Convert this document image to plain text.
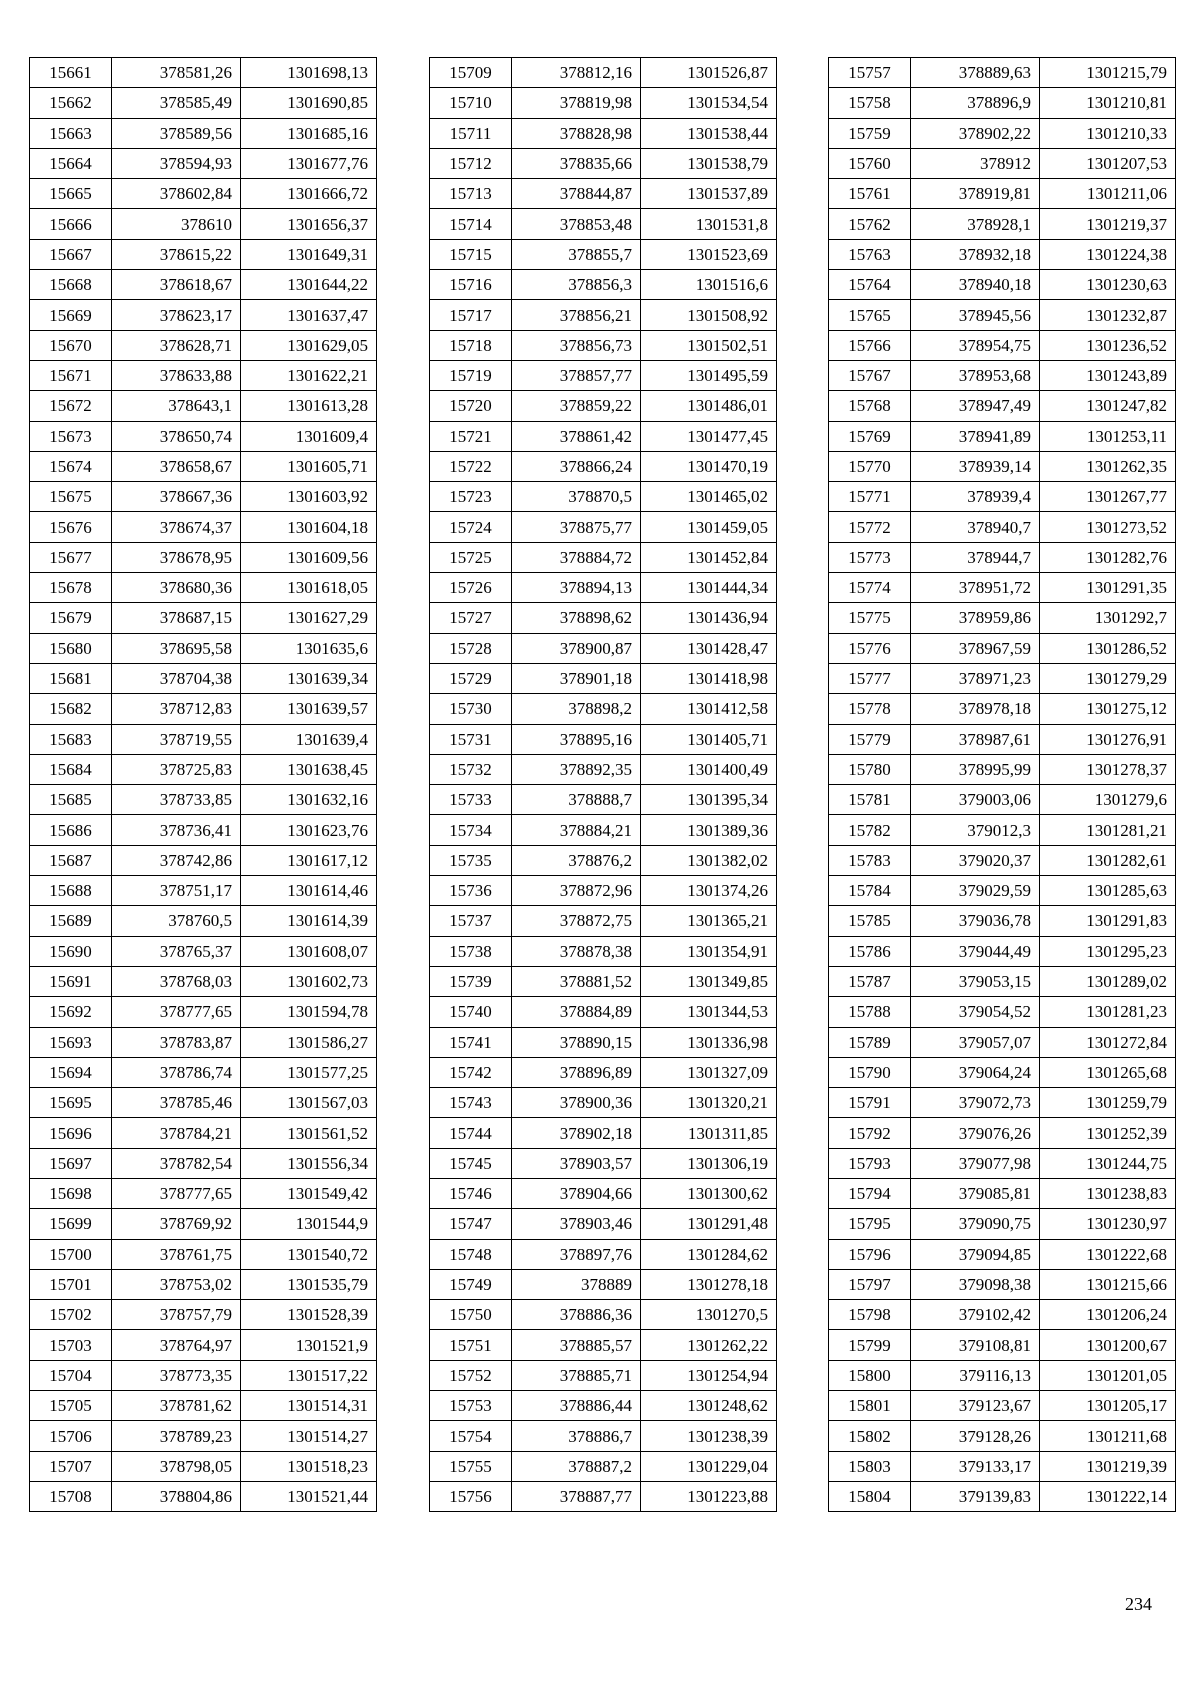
15661	378581,26	1301698,13
15662	378585,49	1301690,85
15663	378589,56	1301685,16
15664	378594,93	1301677,76
15665	378602,84	1301666,72
15666	378610	1301656,37
15667	378615,22	1301649,31
15668	378618,67	1301644,22
15669	378623,17	1301637,47
15670	378628,71	1301629,05
15671	378633,88	1301622,21
15672	378643,1	1301613,28
15673	378650,74	1301609,4
15674	378658,67	1301605,71
15675	378667,36	1301603,92
15676	378674,37	1301604,18
15677	378678,95	1301609,56
15678	378680,36	1301618,05
15679	378687,15	1301627,29
15680	378695,58	1301635,6
15681	378704,38	1301639,34
15682	378712,83	1301639,57
15683	378719,55	1301639,4
15684	378725,83	1301638,45
15685	378733,85	1301632,16
15686	378736,41	1301623,76
15687	378742,86	1301617,12
15688	378751,17	1301614,46
15689	378760,5	1301614,39
15690	378765,37	1301608,07
15691	378768,03	1301602,73
15692	378777,65	1301594,78
15693	378783,87	1301586,27
15694	378786,74	1301577,25
15695	378785,46	1301567,03
15696	378784,21	1301561,52
15697	378782,54	1301556,34
15698	378777,65	1301549,42
15699	378769,92	1301544,9
15700	378761,75	1301540,72
15701	378753,02	1301535,79
15702	378757,79	1301528,39
15703	378764,97	1301521,9
15704	378773,35	1301517,22
15705	378781,62	1301514,31
15706	378789,23	1301514,27
15707	378798,05	1301518,23
15708	378804,86	1301521,44
15709	378812,16	1301526,87
15710	378819,98	1301534,54
15711	378828,98	1301538,44
15712	378835,66	1301538,79
15713	378844,87	1301537,89
15714	378853,48	1301531,8
15715	378855,7	1301523,69
15716	378856,3	1301516,6
15717	378856,21	1301508,92
15718	378856,73	1301502,51
15719	378857,77	1301495,59
15720	378859,22	1301486,01
15721	378861,42	1301477,45
15722	378866,24	1301470,19
15723	378870,5	1301465,02
15724	378875,77	1301459,05
15725	378884,72	1301452,84
15726	378894,13	1301444,34
15727	378898,62	1301436,94
15728	378900,87	1301428,47
15729	378901,18	1301418,98
15730	378898,2	1301412,58
15731	378895,16	1301405,71
15732	378892,35	1301400,49
15733	378888,7	1301395,34
15734	378884,21	1301389,36
15735	378876,2	1301382,02
15736	378872,96	1301374,26
15737	378872,75	1301365,21
15738	378878,38	1301354,91
15739	378881,52	1301349,85
15740	378884,89	1301344,53
15741	378890,15	1301336,98
15742	378896,89	1301327,09
15743	378900,36	1301320,21
15744	378902,18	1301311,85
15745	378903,57	1301306,19
15746	378904,66	1301300,62
15747	378903,46	1301291,48
15748	378897,76	1301284,62
15749	378889	1301278,18
15750	378886,36	1301270,5
15751	378885,57	1301262,22
15752	378885,71	1301254,94
15753	378886,44	1301248,62
15754	378886,7	1301238,39
15755	378887,2	1301229,04
15756	378887,77	1301223,88
15757	378889,63	1301215,79
15758	378896,9	1301210,81
15759	378902,22	1301210,33
15760	378912	1301207,53
15761	378919,81	1301211,06
15762	378928,1	1301219,37
15763	378932,18	1301224,38
15764	378940,18	1301230,63
15765	378945,56	1301232,87
15766	378954,75	1301236,52
15767	378953,68	1301243,89
15768	378947,49	1301247,82
15769	378941,89	1301253,11
15770	378939,14	1301262,35
15771	378939,4	1301267,77
15772	378940,7	1301273,52
15773	378944,7	1301282,76
15774	378951,72	1301291,35
15775	378959,86	1301292,7
15776	378967,59	1301286,52
15777	378971,23	1301279,29
15778	378978,18	1301275,12
15779	378987,61	1301276,91
15780	378995,99	1301278,37
15781	379003,06	1301279,6
15782	379012,3	1301281,21
15783	379020,37	1301282,61
15784	379029,59	1301285,63
15785	379036,78	1301291,83
15786	379044,49	1301295,23
15787	379053,15	1301289,02
15788	379054,52	1301281,23
15789	379057,07	1301272,84
15790	379064,24	1301265,68
15791	379072,73	1301259,79
15792	379076,26	1301252,39
15793	379077,98	1301244,75
15794	379085,81	1301238,83
15795	379090,75	1301230,97
15796	379094,85	1301222,68
15797	379098,38	1301215,66
15798	379102,42	1301206,24
15799	379108,81	1301200,67
15800	379116,13	1301201,05
15801	379123,67	1301205,17
15802	379128,26	1301211,68
15803	379133,17	1301219,39
15804	379139,83	1301222,14
234
